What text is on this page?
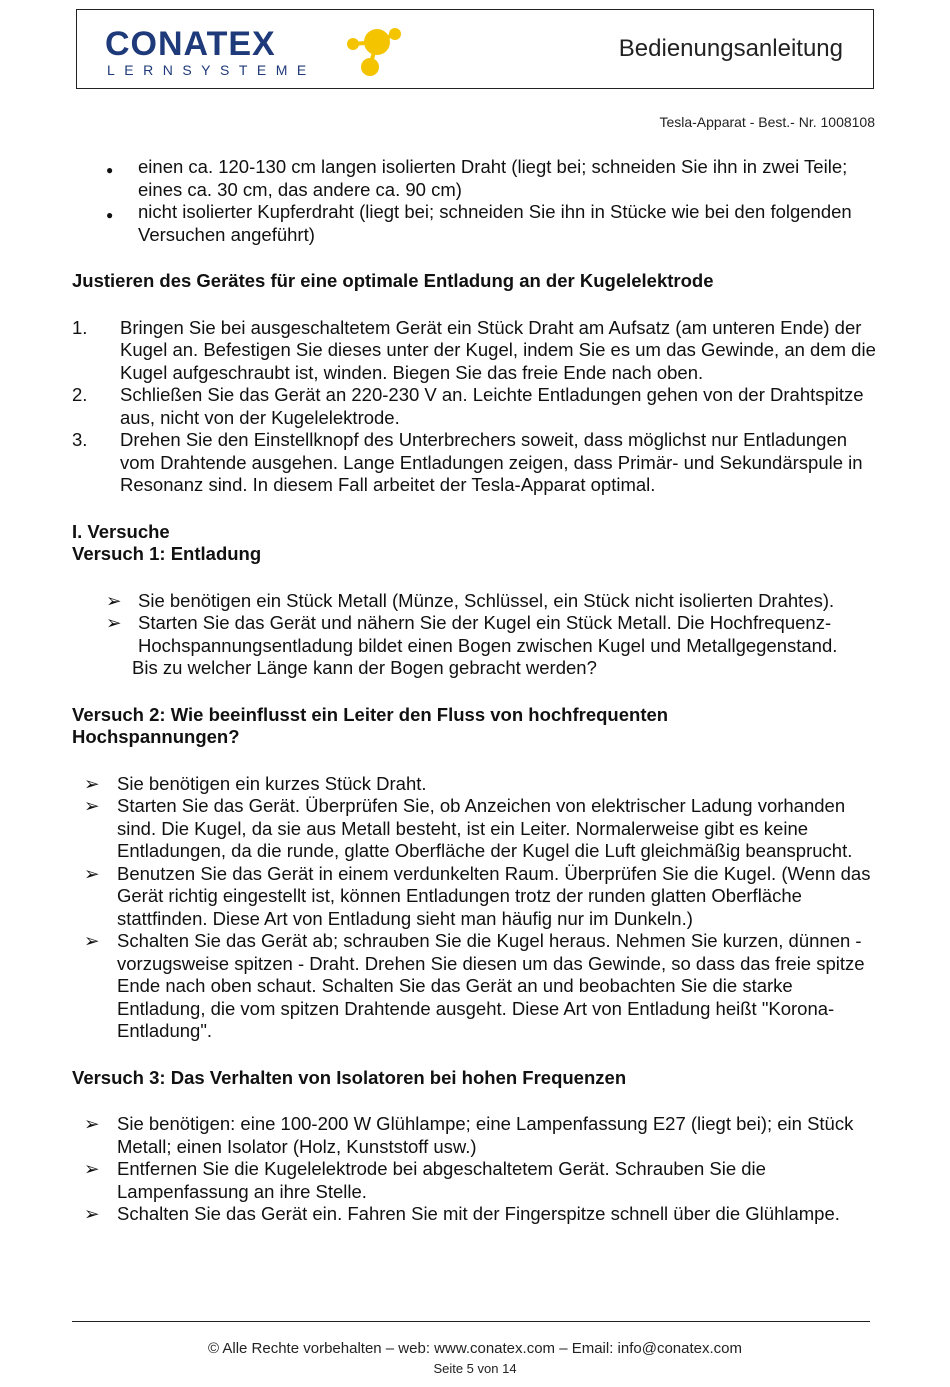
CONATEX
LERNSYSTEME
Bedienungsanleitung
Tesla-Apparat - Best.- Nr. 1008108
● einen ca. 120-130 cm langen isolierten Draht (liegt bei; schneiden Sie ihn in zwei Teile; eines ca. 30 cm, das andere ca. 90 cm)
● nicht isolierter Kupferdraht (liegt bei; schneiden Sie ihn in Stücke wie bei den folgenden Versuchen angeführt)
Justieren des Gerätes für eine optimale Entladung an der Kugelelektrode
1. Bringen Sie bei ausgeschaltetem Gerät ein Stück Draht am Aufsatz (am unteren Ende) der Kugel an. Befestigen Sie dieses unter der Kugel, indem Sie es um das Gewinde, an dem die Kugel aufgeschraubt ist, winden. Biegen Sie das freie Ende nach oben.
2. Schließen Sie das Gerät an 220-230 V an. Leichte Entladungen gehen von der Drahtspitze aus, nicht von der Kugelelektrode.
3. Drehen Sie den Einstellknopf des Unterbrechers soweit, dass möglichst nur Entladungen vom Drahtende ausgehen. Lange Entladungen zeigen, dass Primär- und Sekundärspule in Resonanz sind. In diesem Fall arbeitet der Tesla-Apparat optimal.
I. Versuche
Versuch 1: Entladung
➢ Sie benötigen ein Stück Metall (Münze, Schlüssel, ein Stück nicht isolierten Drahtes).
➢ Starten Sie das Gerät und nähern Sie der Kugel ein Stück Metall. Die Hochfrequenz-Hochspannungsentladung bildet einen Bogen zwischen Kugel und Metallgegenstand.
Bis zu welcher Länge kann der Bogen gebracht werden?
Versuch 2: Wie beeinflusst ein Leiter den Fluss von hochfrequenten Hochspannungen?
➢ Sie benötigen ein kurzes Stück Draht.
➢ Starten Sie das Gerät. Überprüfen Sie, ob Anzeichen von elektrischer Ladung vorhanden sind. Die Kugel, da sie aus Metall besteht, ist ein Leiter. Normalerweise gibt es keine Entladungen, da die runde, glatte Oberfläche der Kugel die Luft gleichmäßig beansprucht.
➢ Benutzen Sie das Gerät in einem verdunkelten Raum. Überprüfen Sie die Kugel. (Wenn das Gerät richtig eingestellt ist, können Entladungen trotz der runden glatten Oberfläche stattfinden. Diese Art von Entladung sieht man häufig nur im Dunkeln.)
➢ Schalten Sie das Gerät ab; schrauben Sie die Kugel heraus. Nehmen Sie kurzen, dünnen - vorzugsweise spitzen - Draht. Drehen Sie diesen um das Gewinde, so dass das freie spitze Ende nach oben schaut. Schalten Sie das Gerät an und beobachten Sie die starke Entladung, die vom spitzen Drahtende ausgeht. Diese Art von Entladung heißt "Korona-Entladung".
Versuch 3: Das Verhalten von Isolatoren bei hohen Frequenzen
➢ Sie benötigen: eine 100-200 W Glühlampe; eine Lampenfassung E27 (liegt bei); ein Stück Metall; einen Isolator (Holz, Kunststoff usw.)
➢ Entfernen Sie die Kugelelektrode bei abgeschaltetem Gerät. Schrauben Sie die Lampenfassung an ihre Stelle.
➢ Schalten Sie das Gerät ein. Fahren Sie mit der Fingerspitze schnell über die Glühlampe.
© Alle Rechte vorbehalten – web: www.conatex.com – Email: info@conatex.com
Seite 5 von 14
